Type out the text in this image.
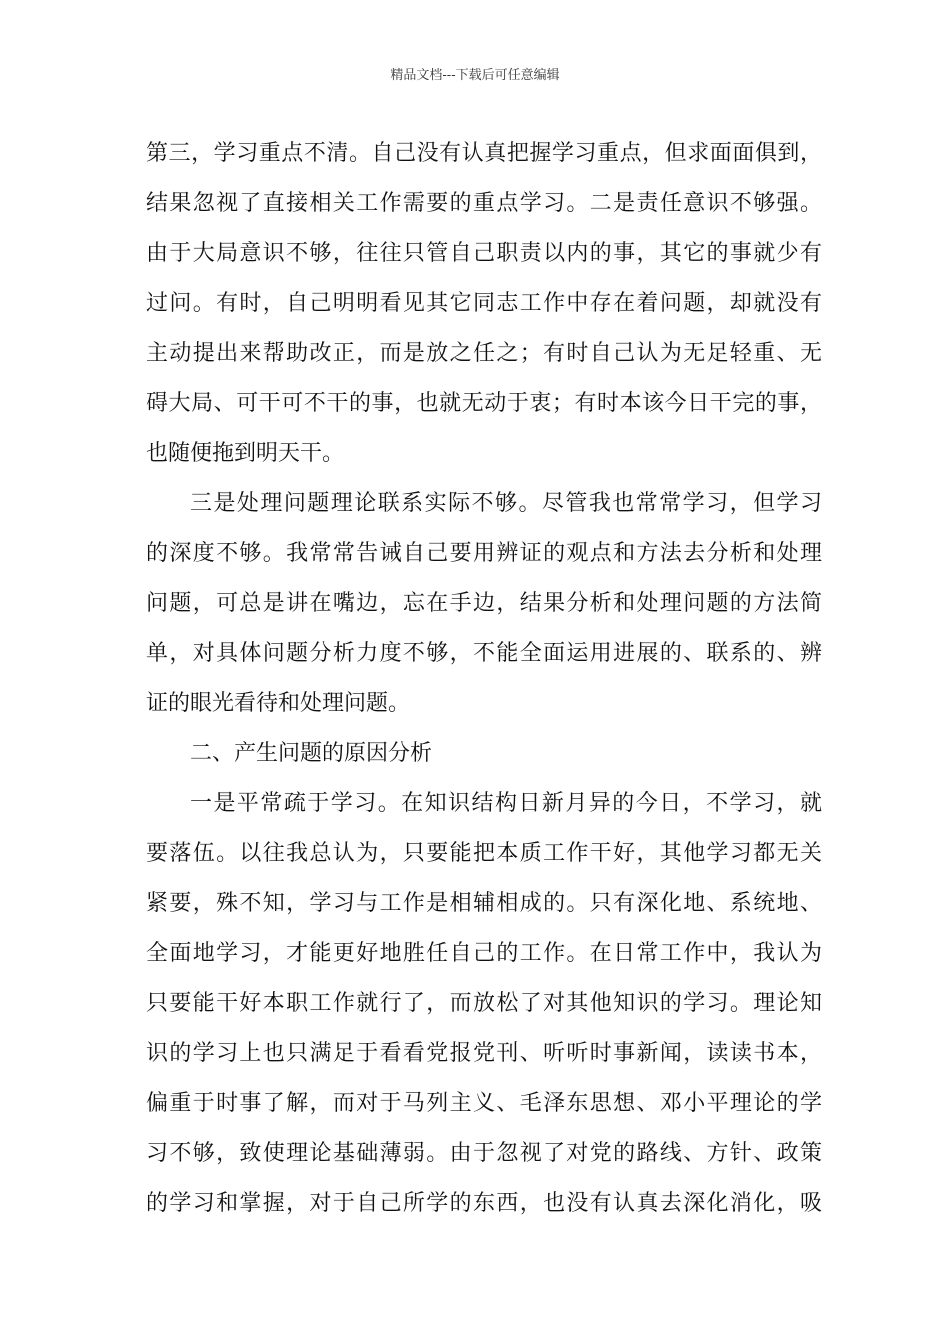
精品文档---下载后可任意编辑
第三，学习重点不清。自己没有认真把握学习重点，但求面面俱到，
结果忽视了直接相关工作需要的重点学习。二是责任意识不够强。
由于大局意识不够，往往只管自己职责以内的事，其它的事就少有
过问。有时，自己明明看见其它同志工作中存在着问题，却就没有
主动提出来帮助改正，而是放之任之；有时自己认为无足轻重、无
碍大局、可干可不干的事，也就无动于衷；有时本该今日干完的事，
也随便拖到明天干。
三是处理问题理论联系实际不够。尽管我也常常学习，但学习
的深度不够。我常常告诫自己要用辨证的观点和方法去分析和处理
问题，可总是讲在嘴边，忘在手边，结果分析和处理问题的方法简
单，对具体问题分析力度不够，不能全面运用进展的、联系的、辨
证的眼光看待和处理问题。
二、产生问题的原因分析
一是平常疏于学习。在知识结构日新月异的今日，不学习，就
要落伍。以往我总认为，只要能把本质工作干好，其他学习都无关
紧要，殊不知，学习与工作是相辅相成的。只有深化地、系统地、
全面地学习，才能更好地胜任自己的工作。在日常工作中，我认为
只要能干好本职工作就行了，而放松了对其他知识的学习。理论知
识的学习上也只满足于看看党报党刊、听听时事新闻，读读书本，
偏重于时事了解，而对于马列主义、毛泽东思想、邓小平理论的学
习不够，致使理论基础薄弱。由于忽视了对党的路线、方针、政策
的学习和掌握，对于自己所学的东西，也没有认真去深化消化，吸
